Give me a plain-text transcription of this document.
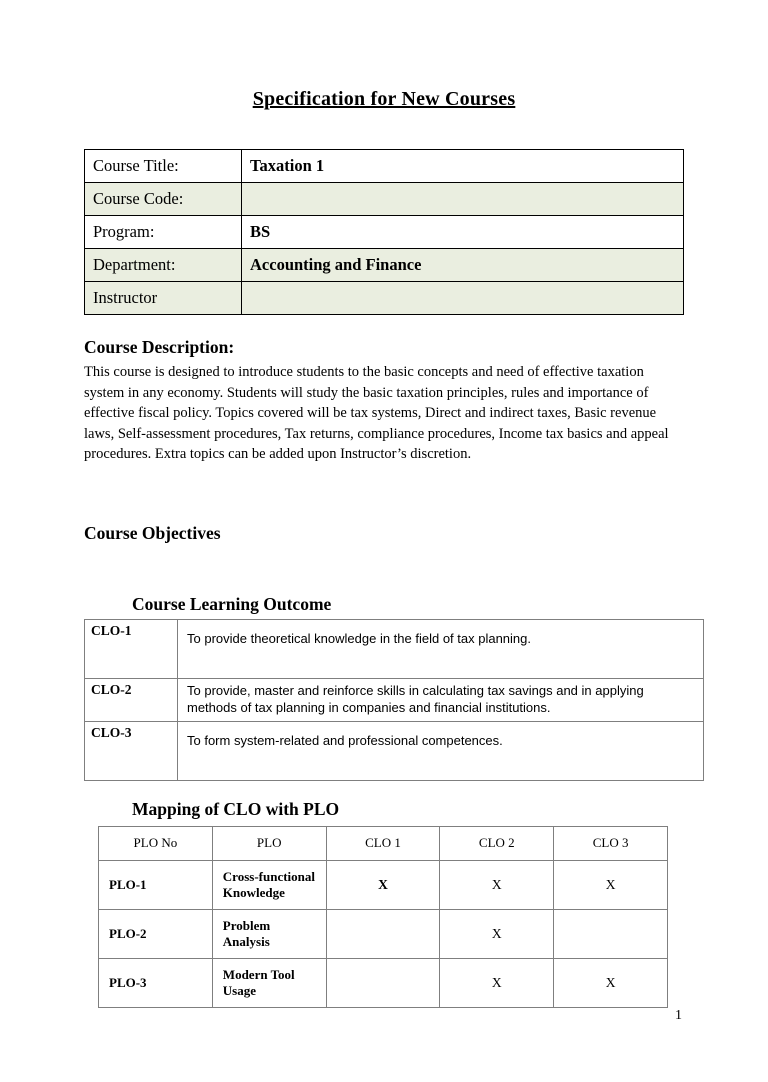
Specification for New Courses
Course Title:	Taxation 1
Course Code:	
Program:	BS
Department:	Accounting and Finance
Instructor	
Course Description:

This course is designed to introduce students to the basic concepts and need of effective taxation system in any economy. Students will study the basic taxation principles, rules and importance of effective fiscal policy. Topics covered will be tax systems, Direct and indirect taxes, Basic revenue laws, Self-assessment procedures, Tax returns, compliance procedures, Income tax basics and appeal procedures. Extra topics can be added upon Instructor’s discretion.

Course Objectives
Course Learning Outcome
CLO-1	To provide theoretical knowledge in the field of tax planning.
CLO-2	To provide, master and reinforce skills in calculating tax savings and in applying methods of tax planning in companies and financial institutions.
CLO-3	To form system-related and professional competences.
Mapping of CLO with PLO
PLO No	PLO	CLO 1	CLO 2	CLO 3
PLO-1	Cross-functional Knowledge	X	X	X
PLO-2	Problem Analysis		X	
PLO-3	Modern Tool Usage		X	X
1
